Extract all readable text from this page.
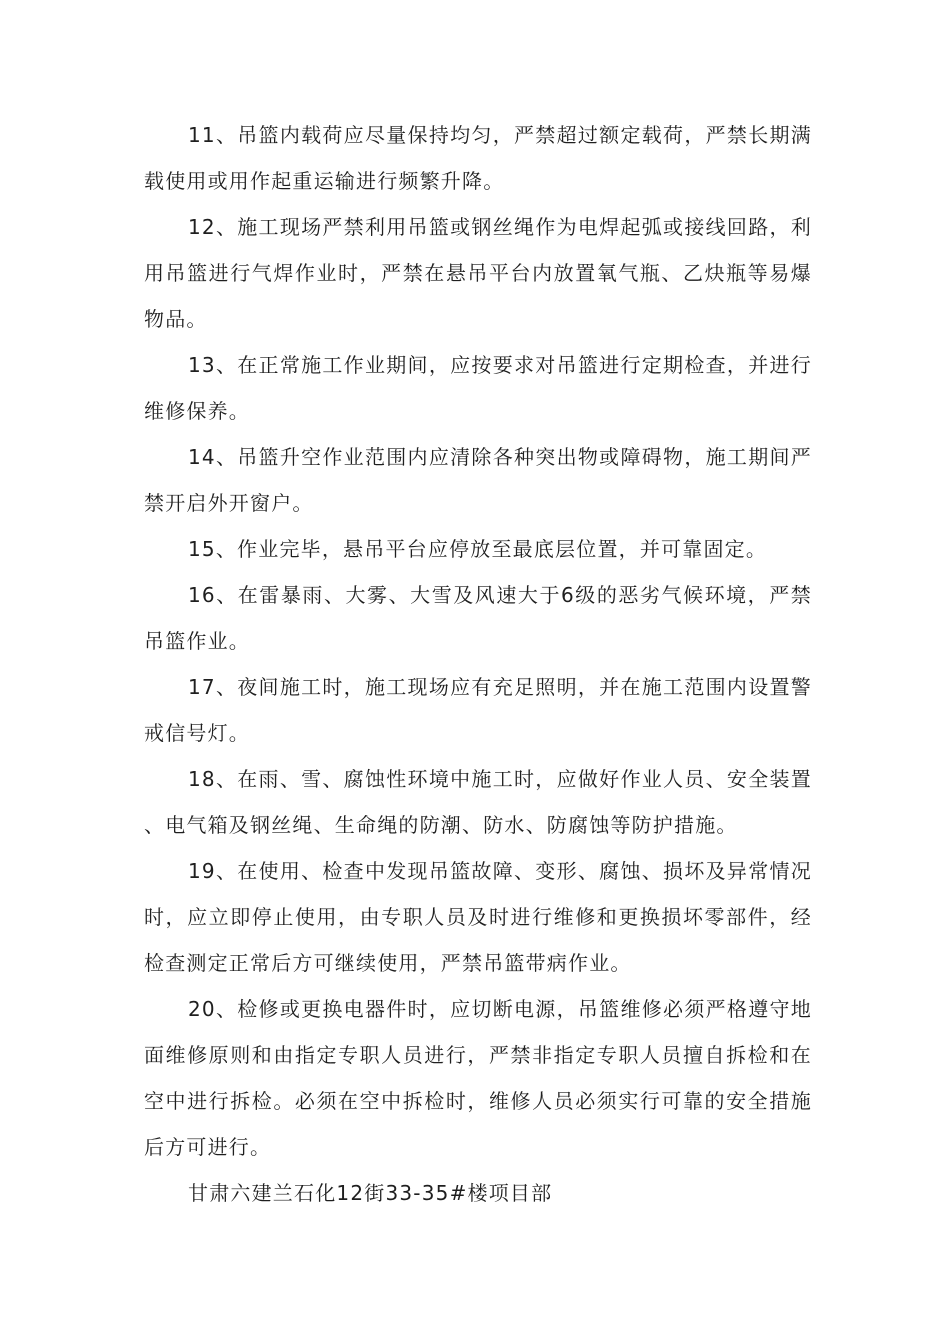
11、吊篮内载荷应尽量保持均匀，严禁超过额定载荷，严禁长期满载使用或用作起重运输进行频繁升降。

12、施工现场严禁利用吊篮或钢丝绳作为电焊起弧或接线回路，利用吊篮进行气焊作业时，严禁在悬吊平台内放置氧气瓶、乙炔瓶等易爆物品。

13、在正常施工作业期间，应按要求对吊篮进行定期检查，并进行维修保养。

14、吊篮升空作业范围内应清除各种突出物或障碍物，施工期间严禁开启外开窗户。

15、作业完毕，悬吊平台应停放至最底层位置，并可靠固定。

16、在雷暴雨、大雾、大雪及风速大于6级的恶劣气候环境，严禁吊篮作业。

17、夜间施工时，施工现场应有充足照明，并在施工范围内设置警戒信号灯。

18、在雨、雪、腐蚀性环境中施工时，应做好作业人员、安全装置、电气箱及钢丝绳、生命绳的防潮、防水、防腐蚀等防护措施。

19、在使用、检查中发现吊篮故障、变形、腐蚀、损坏及异常情况时，应立即停止使用，由专职人员及时进行维修和更换损坏零部件，经检查测定正常后方可继续使用，严禁吊篮带病作业。

20、检修或更换电器件时，应切断电源，吊篮维修必须严格遵守地面维修原则和由指定专职人员进行，严禁非指定专职人员擅自拆检和在空中进行拆检。必须在空中拆检时，维修人员必须实行可靠的安全措施后方可进行。

甘肃六建兰石化12街33-35#楼项目部
